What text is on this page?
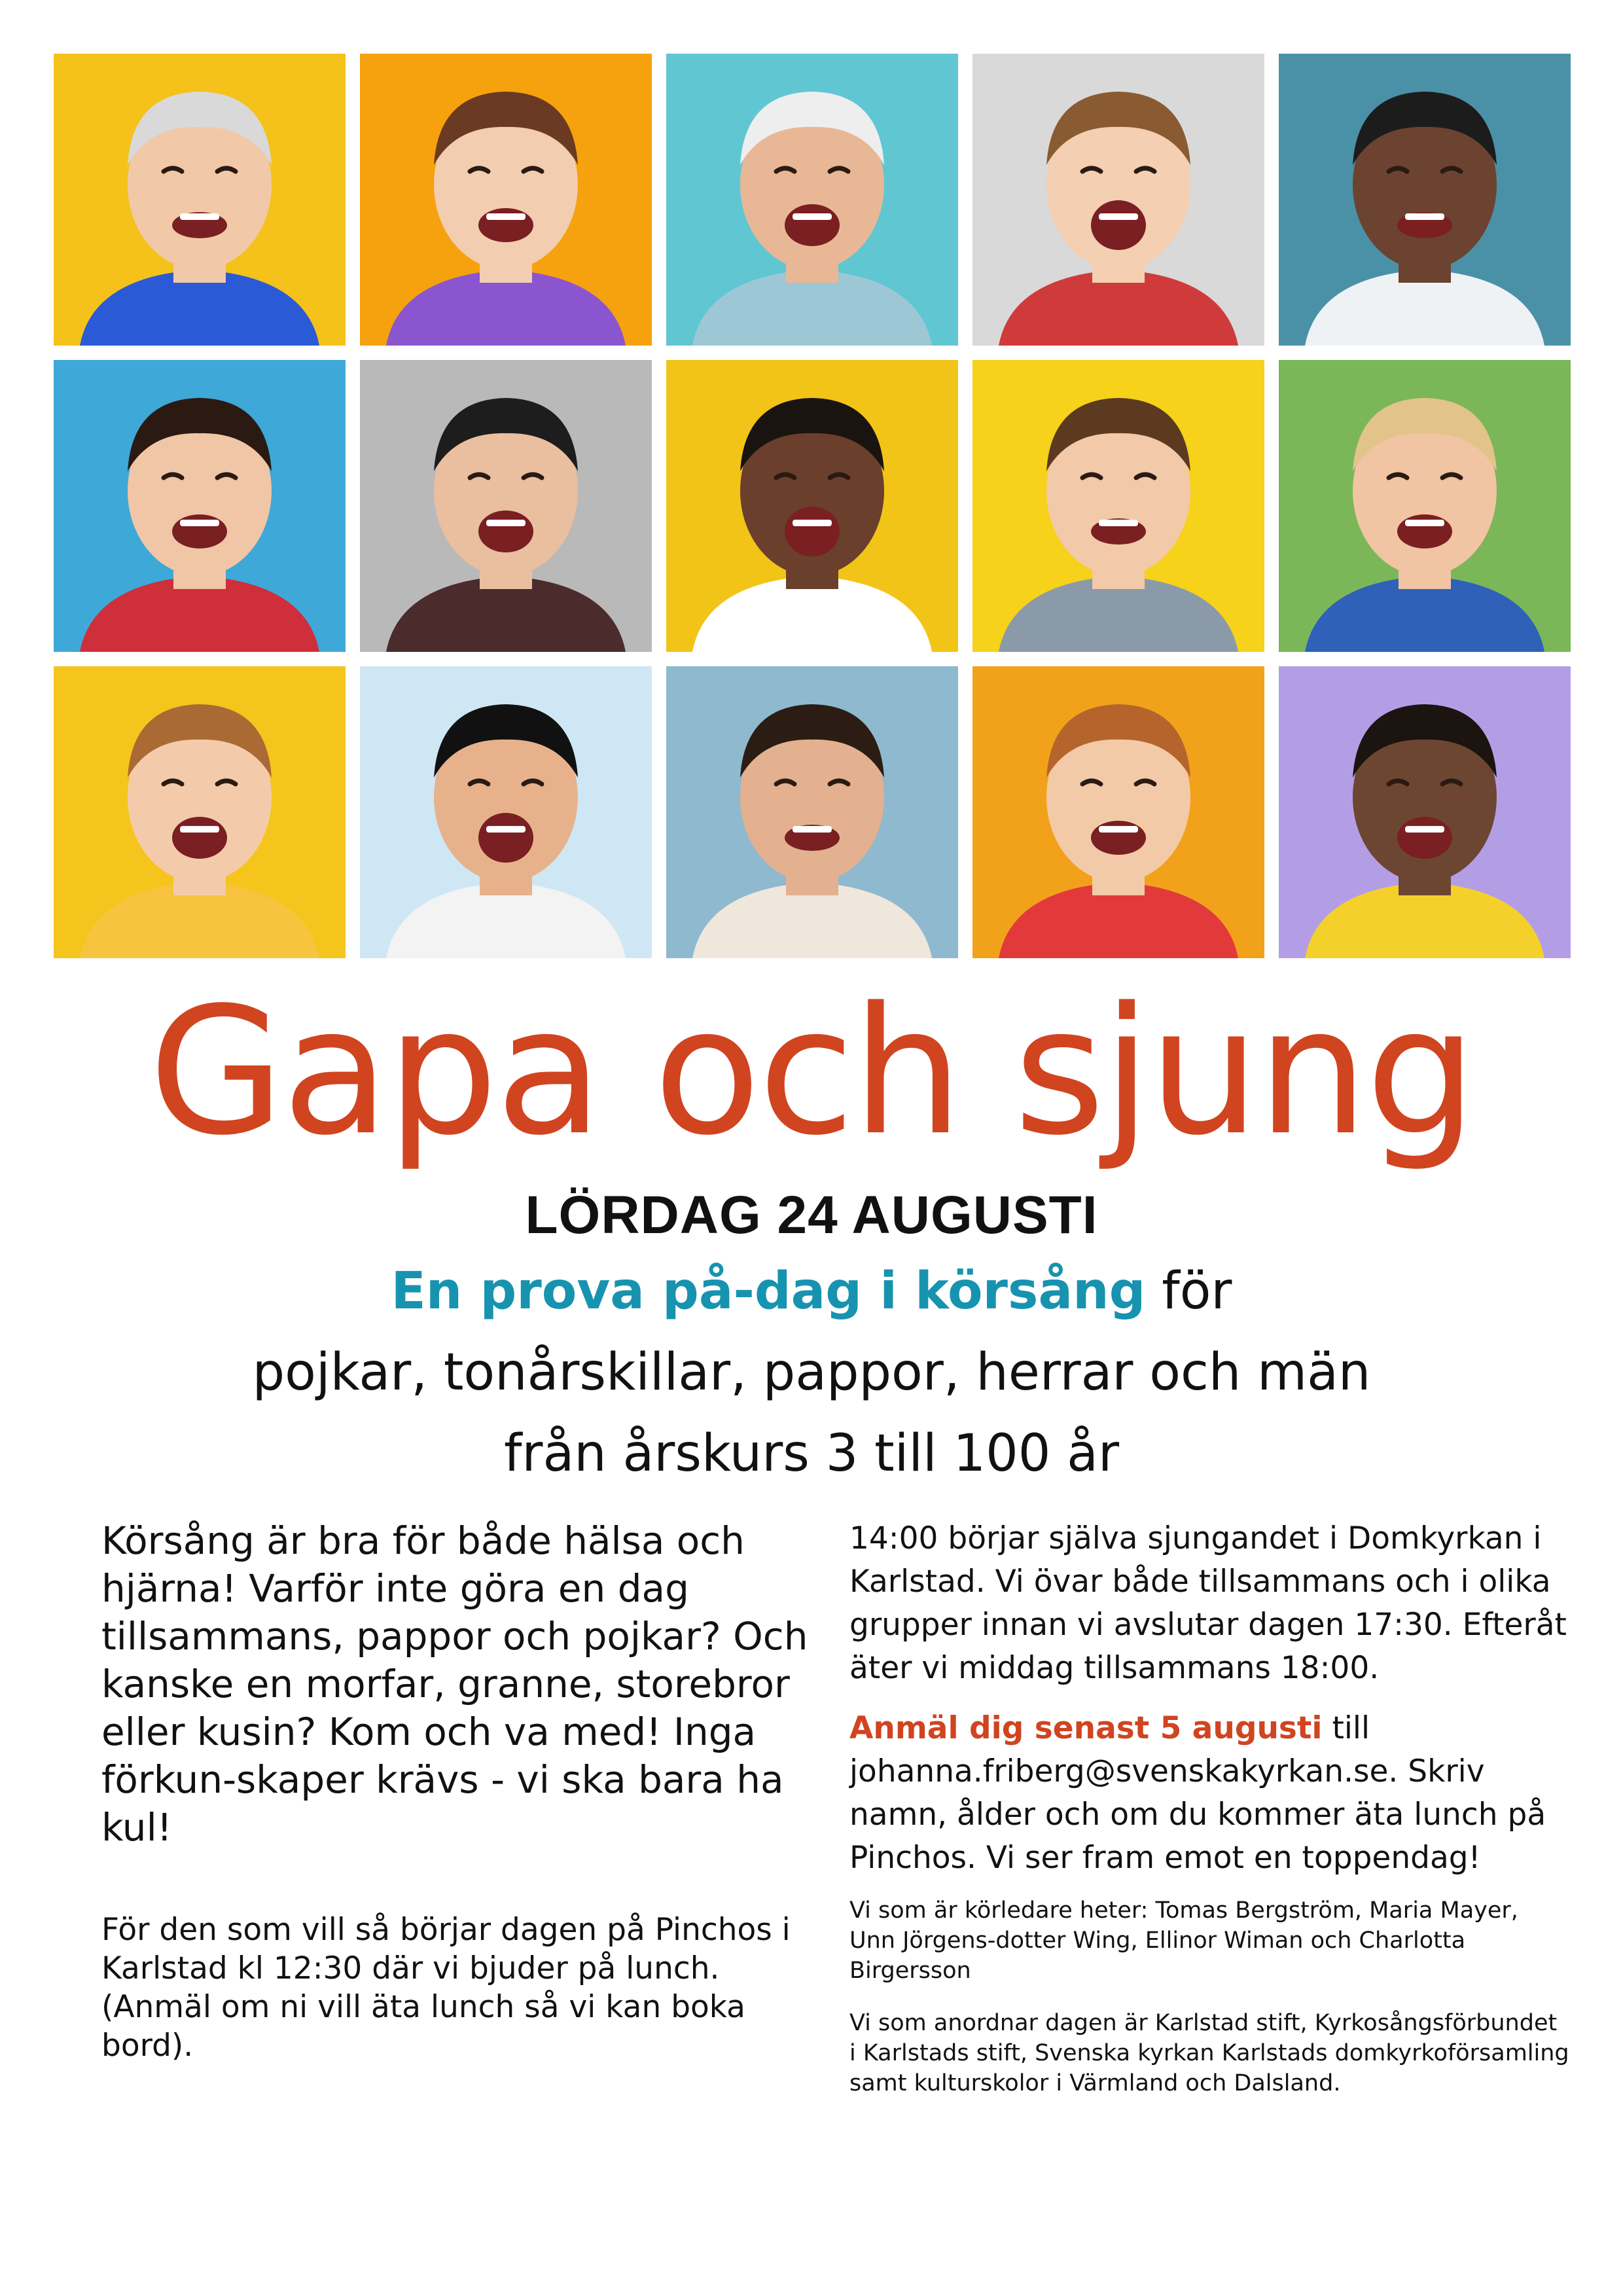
Gapa och sjung
LÖRDAG 24 AUGUSTI
En prova på-dag i körsång för
pojkar, tonårskillar, pappor, herrar och män
från årskurs 3 till 100 år

Körsång är bra för både hälsa och hjärna! Varför inte göra en dag tillsammans, pappor och pojkar? Och kanske en morfar, granne, storebror eller kusin? Kom och va med! Inga förkun-skaper krävs - vi ska bara ha kul!

För den som vill så börjar dagen på Pinchos i Karlstad kl 12:30 där vi bjuder på lunch. (Anmäl om ni vill äta lunch så vi kan boka bord).

14:00 börjar själva sjungandet i Domkyrkan i Karlstad. Vi övar både tillsammans och i olika grupper innan vi avslutar dagen 17:30. Efteråt äter vi middag tillsammans 18:00.

Anmäl dig senast 5 augusti till johanna.friberg@svenskakyrkan.se. Skriv namn, ålder och om du kommer äta lunch på Pinchos. Vi ser fram emot en toppendag!

Vi som är körledare heter: Tomas Bergström, Maria Mayer, Unn Jörgens-dotter Wing, Ellinor Wiman och Charlotta Birgersson

Vi som anordnar dagen är Karlstad stift, Kyrkosångsförbundet i Karlstads stift, Svenska kyrkan Karlstads domkyrkoförsamling samt kulturskolor i Värmland och Dalsland.
